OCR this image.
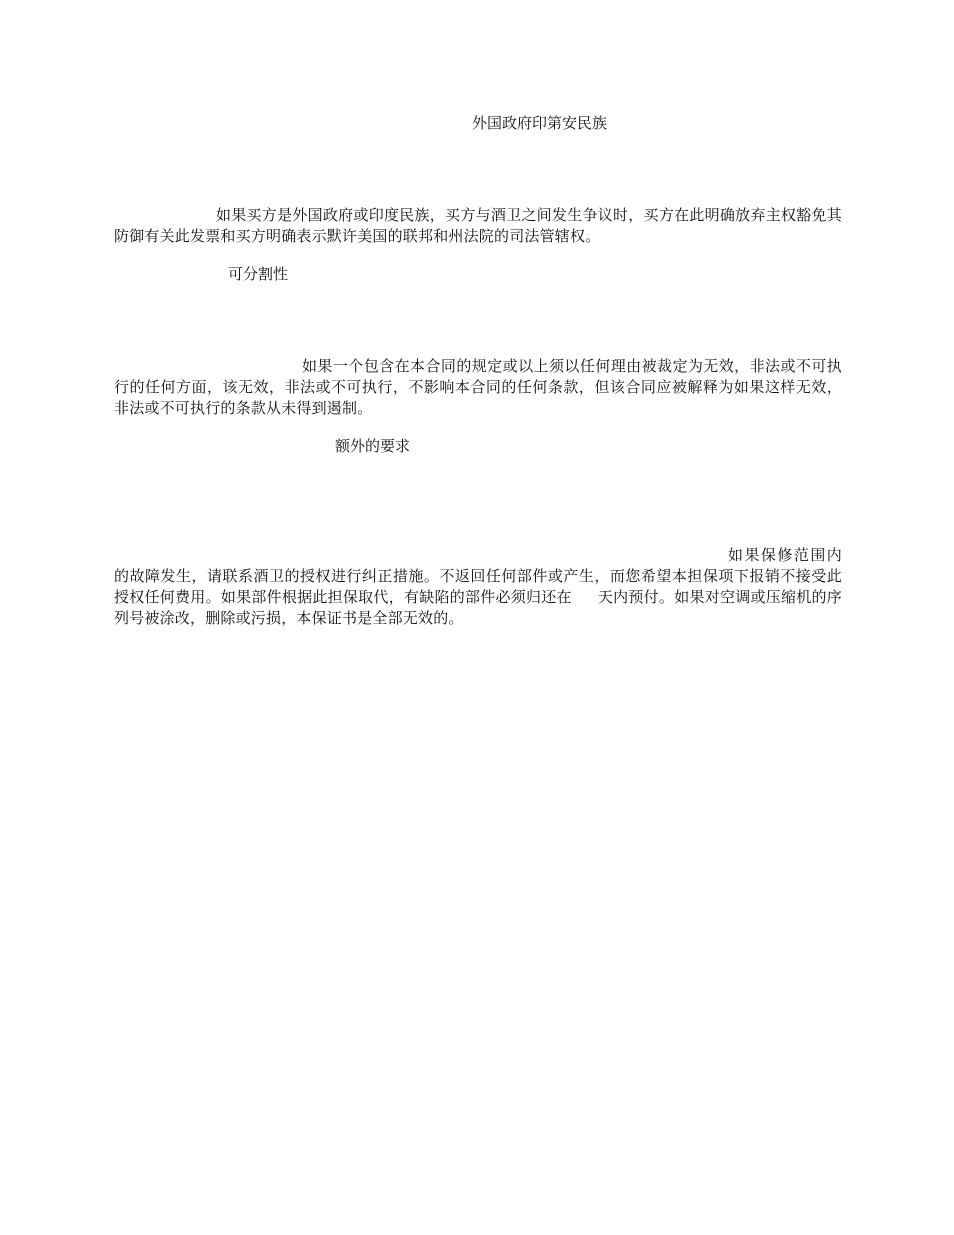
外国政府印第安民族
如果买方是外国政府或印度民族，买方与酒卫之间发生争议时，买方在此明确放弃主权豁免其防御有关此发票和买方明确表示默许美国的联邦和州法院的司法管辖权。
可分割性
如果一个包含在本合同的规定或以上须以任何理由被裁定为无效，非法或不可执行的任何方面，该无效，非法或不可执行，不影响本合同的任何条款，但该合同应被解释为如果这样无效，非法或不可执行的条款从未得到遏制。
额外的要求
如果保修范围内的故障发生，请联系酒卫的授权进行纠正措施。不返回任何部件或产生，而您希望本担保项下报销不接受此授权任何费用。如果部件根据此担保取代，有缺陷的部件必须归还在 天内预付。如果对空调或压缩机的序列号被涂改，删除或污损，本保证书是全部无效的。
